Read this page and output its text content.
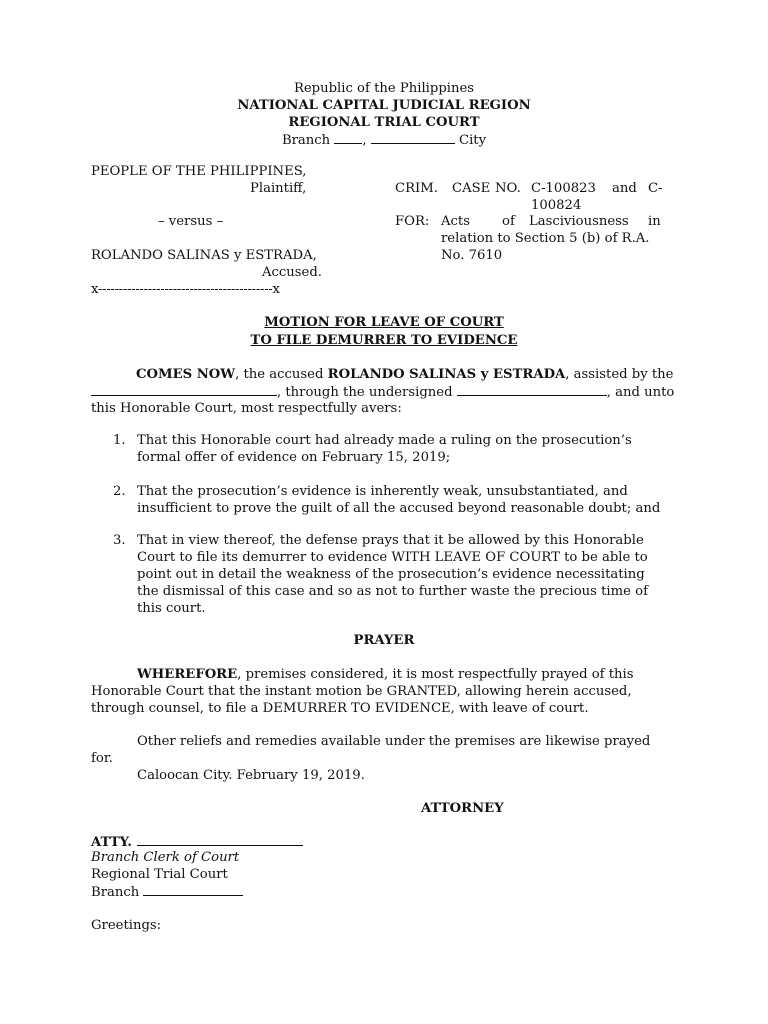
Republic of the Philippines
NATIONAL CAPITAL JUDICIAL REGION
REGIONAL TRIAL COURT
Branch ,	City
PEOPLE OF THE PHILIPPINES,
Plaintiff,
– versus –
ROLANDO SALINAS y ESTRADA,
Accused.
x------------------------------------------x
CRIM. CASE NO. C-100823 and C-
100824
FOR: Acts of Lasciviousness in
relation to Section 5 (b) of R.A.
No. 7610
MOTION FOR LEAVE OF COURT
TO FILE DEMURRER TO EVIDENCE
COMES NOW, the accused ROLANDO SALINAS y ESTRADA, assisted by the
, through the undersigned	, and unto
this Honorable Court, most respectfully avers:
1. That this Honorable court had already made a ruling on the prosecution’s
formal offer of evidence on February 15, 2019;
2. That the prosecution’s evidence is inherently weak, unsubstantiated, and
insufficient to prove the guilt of all the accused beyond reasonable doubt; and
3. That in view thereof, the defense prays that it be allowed by this Honorable
Court to file its demurrer to evidence WITH LEAVE OF COURT to be able to
point out in detail the weakness of the prosecution’s evidence necessitating
the dismissal of this case and so as not to further waste the precious time of
this court.
PRAYER
WHEREFORE, premises considered, it is most respectfully prayed of this
Honorable Court that the instant motion be GRANTED, allowing herein accused,
through counsel, to file a DEMURRER TO EVIDENCE, with leave of court.
Other reliefs and remedies available under the premises are likewise prayed
for.
Caloocan City. February 19, 2019.
ATTORNEY
ATTY.
Branch Clerk of Court
Regional Trial Court
Branch
Greetings:
